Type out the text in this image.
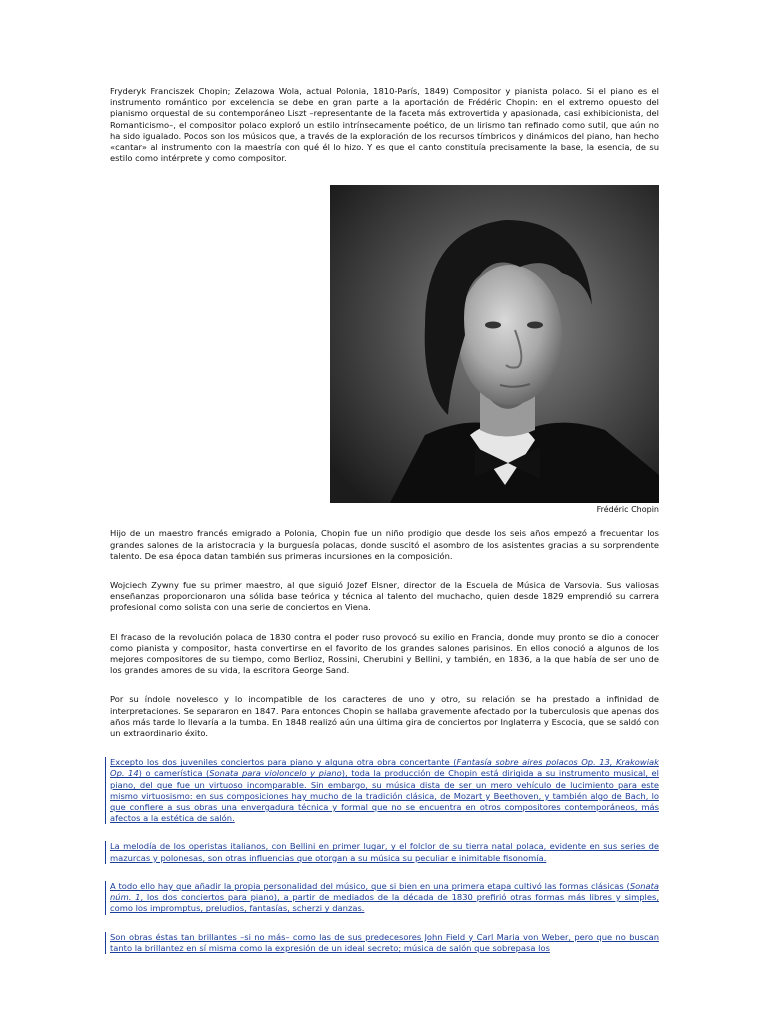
Fryderyk Franciszek Chopin; Zelazowa Wola, actual Polonia, 1810-París, 1849) Compositor y pianista polaco. Si el piano es el instrumento romántico por excelencia se debe en gran parte a la aportación de Frédéric Chopin: en el extremo opuesto del pianismo orquestal de su contemporáneo Liszt –representante de la faceta más extrovertida y apasionada, casi exhibicionista, del Romanticismo–, el compositor polaco exploró un estilo intrínsecamente poético, de un lirismo tan refinado como sutil, que aún no ha sido igualado. Pocos son los músicos que, a través de la exploración de los recursos tímbricos y dinámicos del piano, han hecho «cantar» al instrumento con la maestría con qué él lo hizo. Y es que el canto constituía precisamente la base, la esencia, de su estilo como intérprete y como compositor.

Frédéric Chopin

Hijo de un maestro francés emigrado a Polonia, Chopin fue un niño prodigio que desde los seis años empezó a frecuentar los grandes salones de la aristocracia y la burguesía polacas, donde suscitó el asombro de los asistentes gracias a su sorprendente talento. De esa época datan también sus primeras incursiones en la composición.

Wojciech Zywny fue su primer maestro, al que siguió Jozef Elsner, director de la Escuela de Música de Varsovia. Sus valiosas enseñanzas proporcionaron una sólida base teórica y técnica al talento del muchacho, quien desde 1829 emprendió su carrera profesional como solista con una serie de conciertos en Viena.

El fracaso de la revolución polaca de 1830 contra el poder ruso provocó su exilio en Francia, donde muy pronto se dio a conocer como pianista y compositor, hasta convertirse en el favorito de los grandes salones parisinos. En ellos conoció a algunos de los mejores compositores de su tiempo, como Berlioz, Rossini, Cherubini y Bellini, y también, en 1836, a la que había de ser uno de los grandes amores de su vida, la escritora George Sand.

Por su índole novelesco y lo incompatible de los caracteres de uno y otro, su relación se ha prestado a infinidad de interpretaciones. Se separaron en 1847. Para entonces Chopin se hallaba gravemente afectado por la tuberculosis que apenas dos años más tarde lo llevaría a la tumba. En 1848 realizó aún una última gira de conciertos por Inglaterra y Escocia, que se saldó con un extraordinario éxito.

Excepto los dos juveniles conciertos para piano y alguna otra obra concertante (Fantasía sobre aires polacos Op. 13, Krakowiak Op. 14) o camerística (Sonata para violoncelo y piano), toda la producción de Chopin está dirigida a su instrumento musical, el piano, del que fue un virtuoso incomparable. Sin embargo, su música dista de ser un mero vehículo de lucimiento para este mismo virtuosismo: en sus composiciones hay mucho de la tradición clásica, de Mozart y Beethoven, y también algo de Bach, lo que confiere a sus obras una envergadura técnica y formal que no se encuentra en otros compositores contemporáneos, más afectos a la estética de salón.

La melodía de los operistas italianos, con Bellini en primer lugar, y el folclor de su tierra natal polaca, evidente en sus series de mazurcas y polonesas, son otras influencias que otorgan a su música su peculiar e inimitable fisonomía.

A todo ello hay que añadir la propia personalidad del músico, que si bien en una primera etapa cultivó las formas clásicas (Sonata núm. 1, los dos conciertos para piano), a partir de mediados de la década de 1830 prefirió otras formas más libres y simples, como los impromptus, preludios, fantasías, scherzi y danzas.

Son obras éstas tan brillantes –si no más– como las de sus predecesores John Field y Carl Maria von Weber, pero que no buscan tanto la brillantez en sí misma como la expresión de un ideal secreto; música de salón que sobrepasa los
